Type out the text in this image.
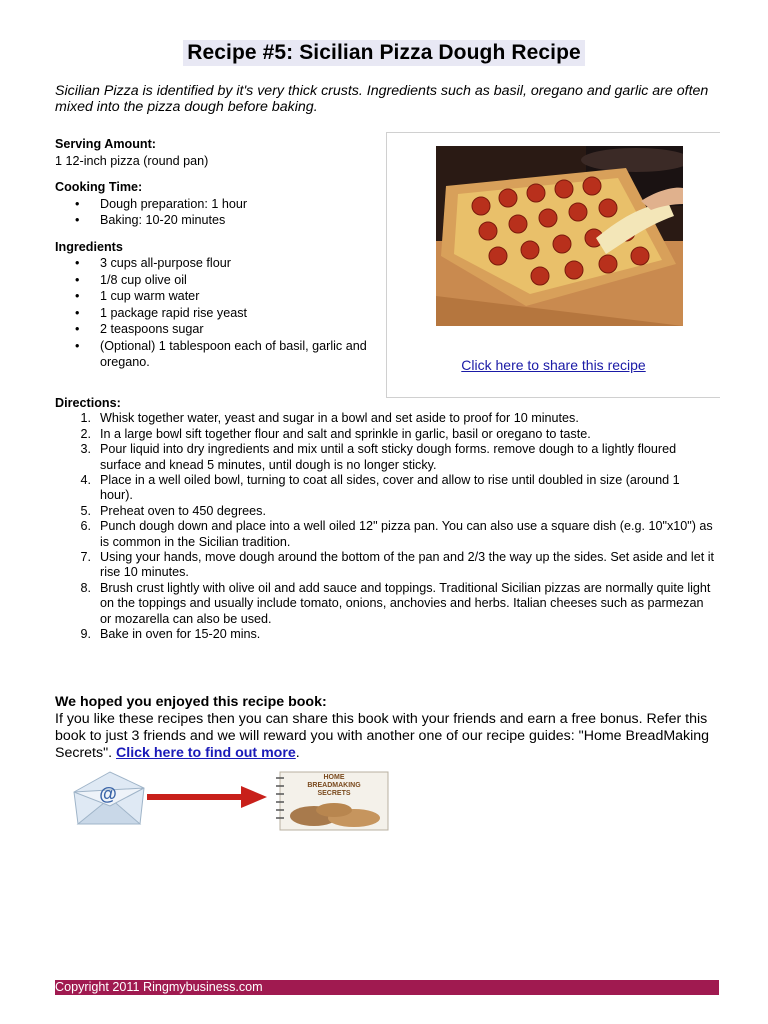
Recipe #5: Sicilian Pizza Dough Recipe
Sicilian Pizza is identified by it's very thick crusts. Ingredients such as basil, oregano and garlic are often mixed into the pizza dough before baking.

Serving Amount:

1 12-inch pizza (round pan)

Cooking Time:

• Dough preparation: 1 hour
• Baking: 10-20 minutes

Ingredients

• 3 cups all-purpose flour
• 1/8 cup olive oil
• 1 cup warm water
• 1 package rapid rise yeast
• 2 teaspoons sugar
• (Optional) 1 tablespoon each of basil, garlic and oregano.	Click here to share this recipe

Directions:

1. Whisk together water, yeast and sugar in a bowl and set aside to proof for 10 minutes.
2. In a large bowl sift together flour and salt and sprinkle in garlic, basil or oregano to taste.
3. Pour liquid into dry ingredients and mix until a soft sticky dough forms. remove dough to a lightly floured surface and knead 5 minutes, until dough is no longer sticky.
4. Place in a well oiled bowl, turning to coat all sides, cover and allow to rise until doubled in size (around 1 hour).
5. Preheat oven to 450 degrees.
6. Punch dough down and place into a well oiled 12" pizza pan. You can also use a square dish (e.g. 10"x10") as is common in the Sicilian tradition.
7. Using your hands, move dough around the bottom of the pan and 2/3 the way up the sides. Set aside and let it rise 10 minutes.
8. Brush crust lightly with olive oil and add sauce and toppings. Traditional Sicilian pizzas are normally quite light on the toppings and usually include tomato, onions, anchovies and herbs. Italian cheeses such as parmezan or mozarella can also be used.
9. Bake in oven for 15-20 mins.
We hoped you enjoyed this recipe book:
If you like these recipes then you can share this book with your friends and earn a free bonus. Refer this book to just 3 friends and we will reward you with another one of our recipe guides: "Home BreadMaking Secrets". Click here to find out more.
@
HOME
BREADMAKING
SECRETS
Copyright 2011 Ringmybusiness.com
